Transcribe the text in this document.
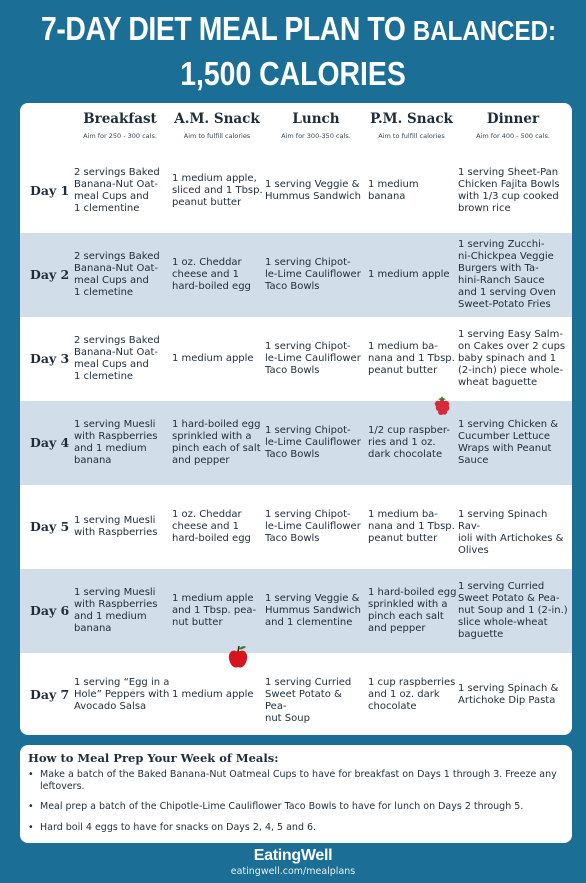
7-DAY DIET MEAL PLAN TO BALANCED:
1,500 CALORIES
Breakfast
Aim for 250 - 300 cals.
A.M. Snack
Aim to fulfill calories
Lunch
Aim for 300-350 cals.
P.M. Snack
Aim to fulfill calories
Dinner
Aim for 400 - 500 cals.
Day 1
2 servings Baked
Banana-Nut Oat-
meal Cups and
1 clementine
1 medium apple,
sliced and 1 Tbsp.
peanut butter
1 serving Veggie &
Hummus Sandwich
1 medium
banana
1 serving Sheet-Pan
Chicken Fajita Bowls
with 1/3 cup cooked
brown rice
Day 2
2 servings Baked
Banana-Nut Oat-
meal Cups and
1 clemetine
1 oz. Cheddar
cheese and 1
hard-boiled egg
1 serving Chipot-
le-Lime Cauliflower
Taco Bowls
1 medium apple
1 serving Zucchi-
ni-Chickpea Veggie
Burgers with Ta-
hini-Ranch Sauce
and 1 serving Oven
Sweet-Potato Fries
Day 3
2 servings Baked
Banana-Nut Oat-
meal Cups and
1 clemetine
1 medium apple
1 serving Chipot-
le-Lime Cauliflower
Taco Bowls
1 medium ba-
nana and 1 Tbsp.
peanut butter
1 serving Easy Salm-
on Cakes over 2 cups
baby spinach and 1
(2-inch) piece whole-
wheat baguette
Day 4
1 serving Muesli
with Raspberries
and 1 medium
banana
1 hard-boiled egg
sprinkled with a
pinch each of salt
and pepper
1 serving Chipot-
le-Lime Cauliflower
Taco Bowls
1/2 cup raspber-
ries and 1 oz.
dark chocolate
1 serving Chicken &
Cucumber Lettuce
Wraps with Peanut
Sauce
Day 5 1 serving Muesli
with Raspberries
1 oz. Cheddar
cheese and 1
hard-boiled egg
1 serving Chipot-
le-Lime Cauliflower
Taco Bowls
1 medium ba-
nana and 1 Tbsp.
peanut butter
1 serving Spinach Rav-
ioli with Artichokes &
Olives
Day 6
1 serving Muesli
with Raspberries
and 1 medium
banana
1 medium apple
and 1 Tbsp. pea-
nut butter
1 serving Veggie &
Hummus Sandwich
and 1 clementine
1 hard-boiled egg
sprinkled with a
pinch each salt
and pepper
1 serving Curried
Sweet Potato & Pea-
nut Soup and 1 (2-in.)
slice whole-wheat
baguette
Day 7
1 serving “Egg in a
Hole” Peppers with
Avocado Salsa
1 medium apple
1 serving Curried
Sweet Potato & Pea-
nut Soup
1 cup raspberries
and 1 oz. dark
chocolate
1 serving Spinach &
Artichoke Dip Pasta
How to Meal Prep Your Week of Meals:
• Make a batch of the Baked Banana-Nut Oatmeal Cups to have for breakfast on Days 1 through 3. Freeze any
leftovers.
• Meal prep a batch of the Chipotle-Lime Cauliflower Taco Bowls to have for lunch on Days 2 through 5.
• Hard boil 4 eggs to have for snacks on Days 2, 4, 5 and 6.
EatingWell
eatingwell.com/mealplans
